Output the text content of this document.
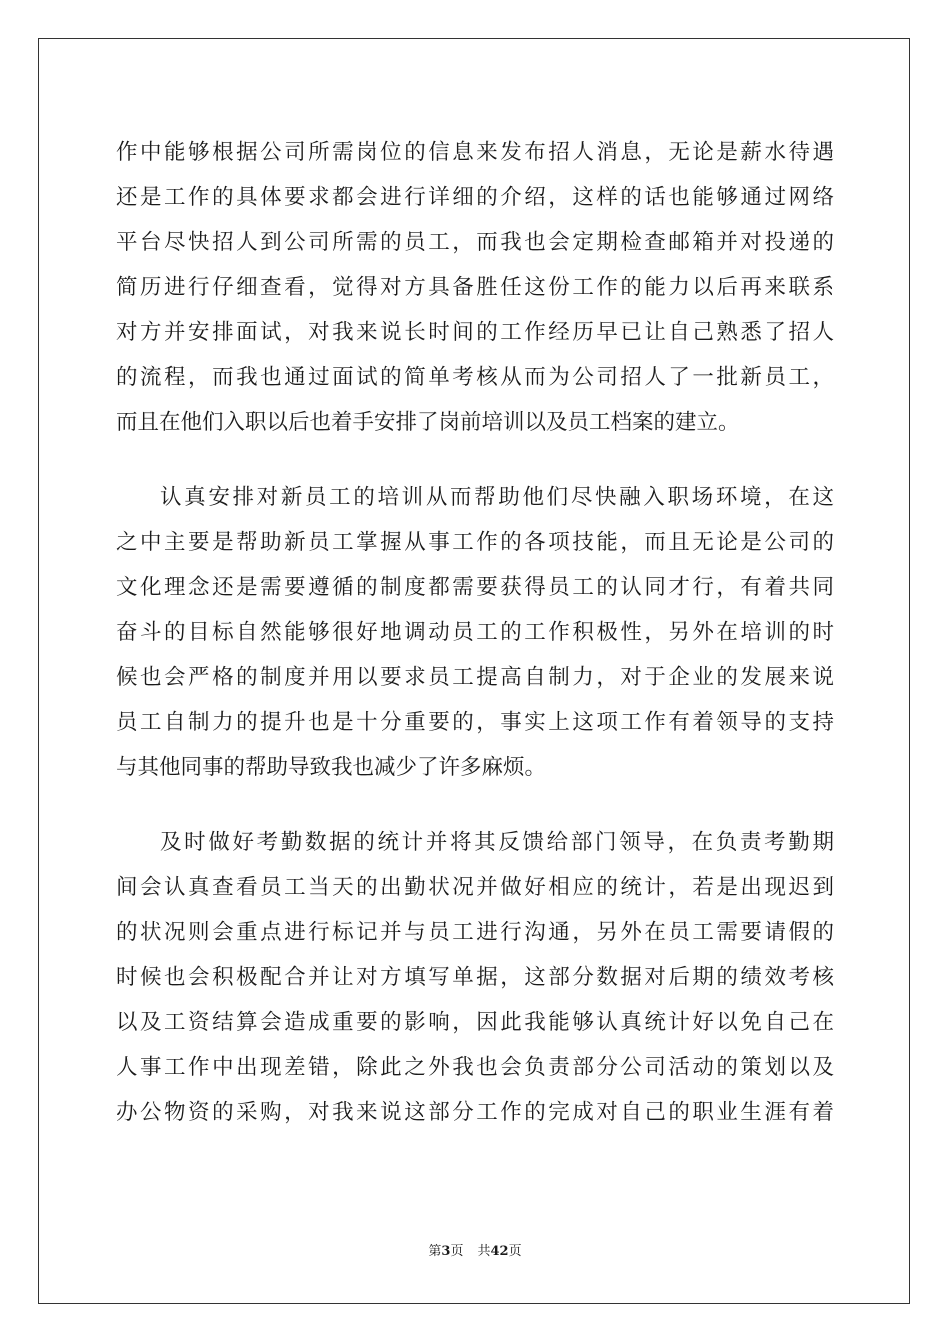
作中能够根据公司所需岗位的信息来发布招人消息，无论是薪水待遇
还是工作的具体要求都会进行详细的介绍，这样的话也能够通过网络
平台尽快招人到公司所需的员工，而我也会定期检查邮箱并对投递的
简历进行仔细查看，觉得对方具备胜任这份工作的能力以后再来联系
对方并安排面试，对我来说长时间的工作经历早已让自己熟悉了招人
的流程，而我也通过面试的简单考核从而为公司招人了一批新员工，
而且在他们入职以后也着手安排了岗前培训以及员工档案的建立。
认真安排对新员工的培训从而帮助他们尽快融入职场环境，在这
之中主要是帮助新员工掌握从事工作的各项技能，而且无论是公司的
文化理念还是需要遵循的制度都需要获得员工的认同才行，有着共同
奋斗的目标自然能够很好地调动员工的工作积极性，另外在培训的时
候也会严格的制度并用以要求员工提高自制力，对于企业的发展来说
员工自制力的提升也是十分重要的，事实上这项工作有着领导的支持
与其他同事的帮助导致我也减少了许多麻烦。
及时做好考勤数据的统计并将其反馈给部门领导，在负责考勤期
间会认真查看员工当天的出勤状况并做好相应的统计，若是出现迟到
的状况则会重点进行标记并与员工进行沟通，另外在员工需要请假的
时候也会积极配合并让对方填写单据，这部分数据对后期的绩效考核
以及工资结算会造成重要的影响，因此我能够认真统计好以免自己在
人事工作中出现差错，除此之外我也会负责部分公司活动的策划以及
办公物资的采购，对我来说这部分工作的完成对自己的职业生涯有着
第3页 共42页
